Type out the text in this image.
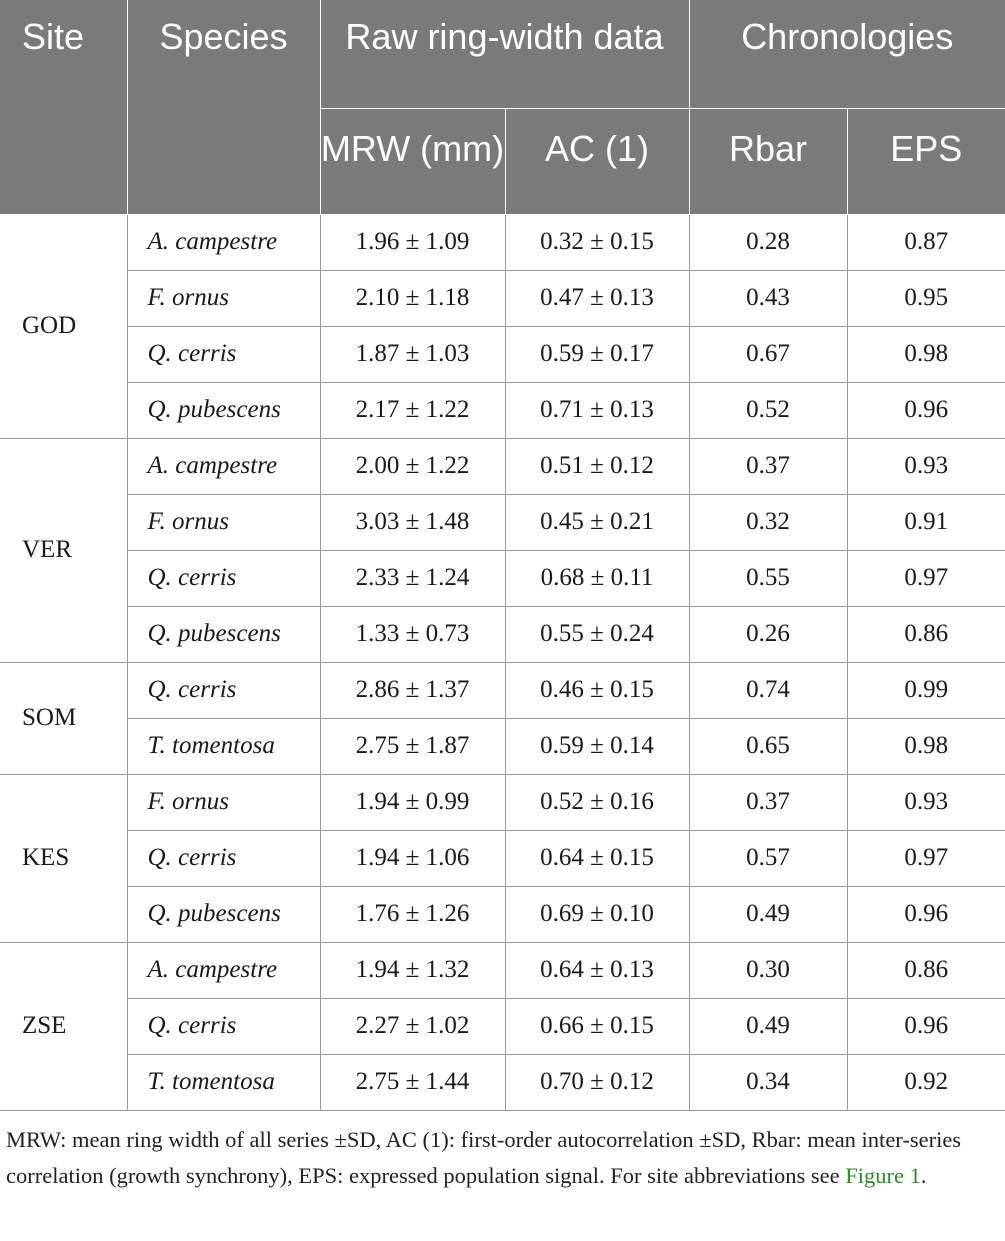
Site	Species	Raw ring-width data		Chronologies	
		MRW (mm)	AC (1)	Rbar	EPS
GOD	A. campestre	1.96 ± 1.09	0.32 ± 0.15	0.28	0.87
	F. ornus	2.10 ± 1.18	0.47 ± 0.13	0.43	0.95
	Q. cerris	1.87 ± 1.03	0.59 ± 0.17	0.67	0.98
	Q. pubescens	2.17 ± 1.22	0.71 ± 0.13	0.52	0.96
VER	A. campestre	2.00 ± 1.22	0.51 ± 0.12	0.37	0.93
	F. ornus	3.03 ± 1.48	0.45 ± 0.21	0.32	0.91
	Q. cerris	2.33 ± 1.24	0.68 ± 0.11	0.55	0.97
	Q. pubescens	1.33 ± 0.73	0.55 ± 0.24	0.26	0.86
SOM	Q. cerris	2.86 ± 1.37	0.46 ± 0.15	0.74	0.99
	T. tomentosa	2.75 ± 1.87	0.59 ± 0.14	0.65	0.98
KES	F. ornus	1.94 ± 0.99	0.52 ± 0.16	0.37	0.93
	Q. cerris	1.94 ± 1.06	0.64 ± 0.15	0.57	0.97
	Q. pubescens	1.76 ± 1.26	0.69 ± 0.10	0.49	0.96
ZSE	A. campestre	1.94 ± 1.32	0.64 ± 0.13	0.30	0.86
	Q. cerris	2.27 ± 1.02	0.66 ± 0.15	0.49	0.96
	T. tomentosa	2.75 ± 1.44	0.70 ± 0.12	0.34	0.92

MRW: mean ring width of all series ±SD, AC (1): first-order autocorrelation ±SD, Rbar: mean inter-series correlation (growth synchrony), EPS: expressed population signal. For site abbreviations see Figure 1.
